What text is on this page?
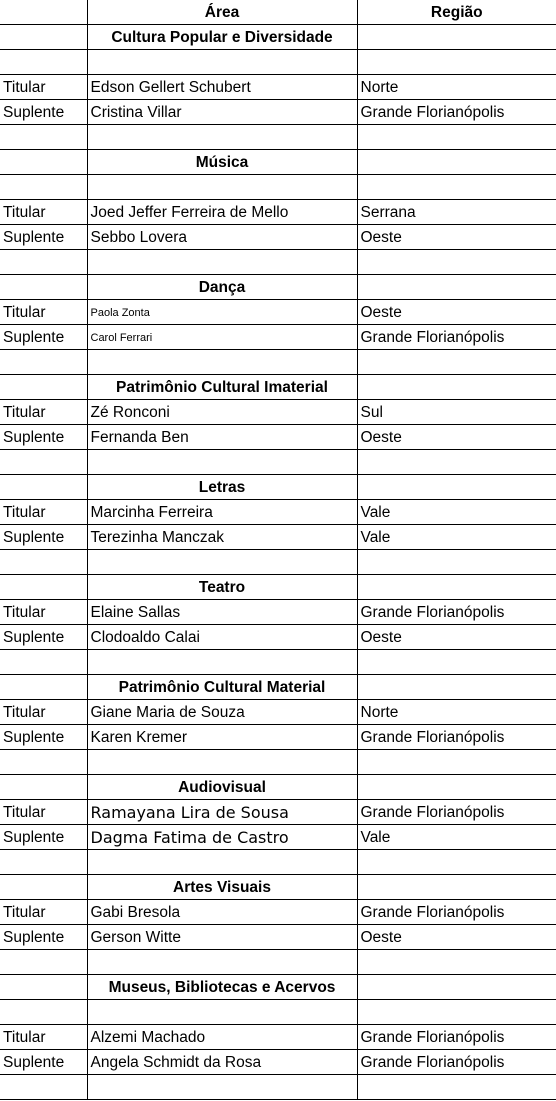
	Área	Região
	Cultura Popular e Diversidade	

Titular	Edson Gellert Schubert	Norte
Suplente	Cristina Villar	Grande Florianópolis

	Música	

Titular	Joed Jeffer Ferreira de Mello	Serrana
Suplente	Sebbo Lovera	Oeste

	Dança	
Titular	Paola Zonta	Oeste
Suplente	Carol Ferrari	Grande Florianópolis

	Patrimônio Cultural Imaterial	
Titular	Zé Ronconi	Sul
Suplente	Fernanda Ben	Oeste

	Letras	
Titular	Marcinha Ferreira	Vale
Suplente	Terezinha Manczak	Vale

	Teatro	
Titular	Elaine Sallas	Grande Florianópolis
Suplente	Clodoaldo Calai	Oeste

	Patrimônio Cultural Material	
Titular	Giane Maria de Souza	Norte
Suplente	Karen Kremer	Grande Florianópolis

	Audiovisual	
Titular	Ramayana Lira de Sousa	Grande Florianópolis
Suplente	Dagma Fatima de Castro	Vale

	Artes Visuais	
Titular	Gabi Bresola	Grande Florianópolis
Suplente	Gerson Witte	Oeste

	Museus, Bibliotecas e Acervos	

Titular	Alzemi Machado	Grande Florianópolis
Suplente	Angela Schmidt da Rosa	Grande Florianópolis
